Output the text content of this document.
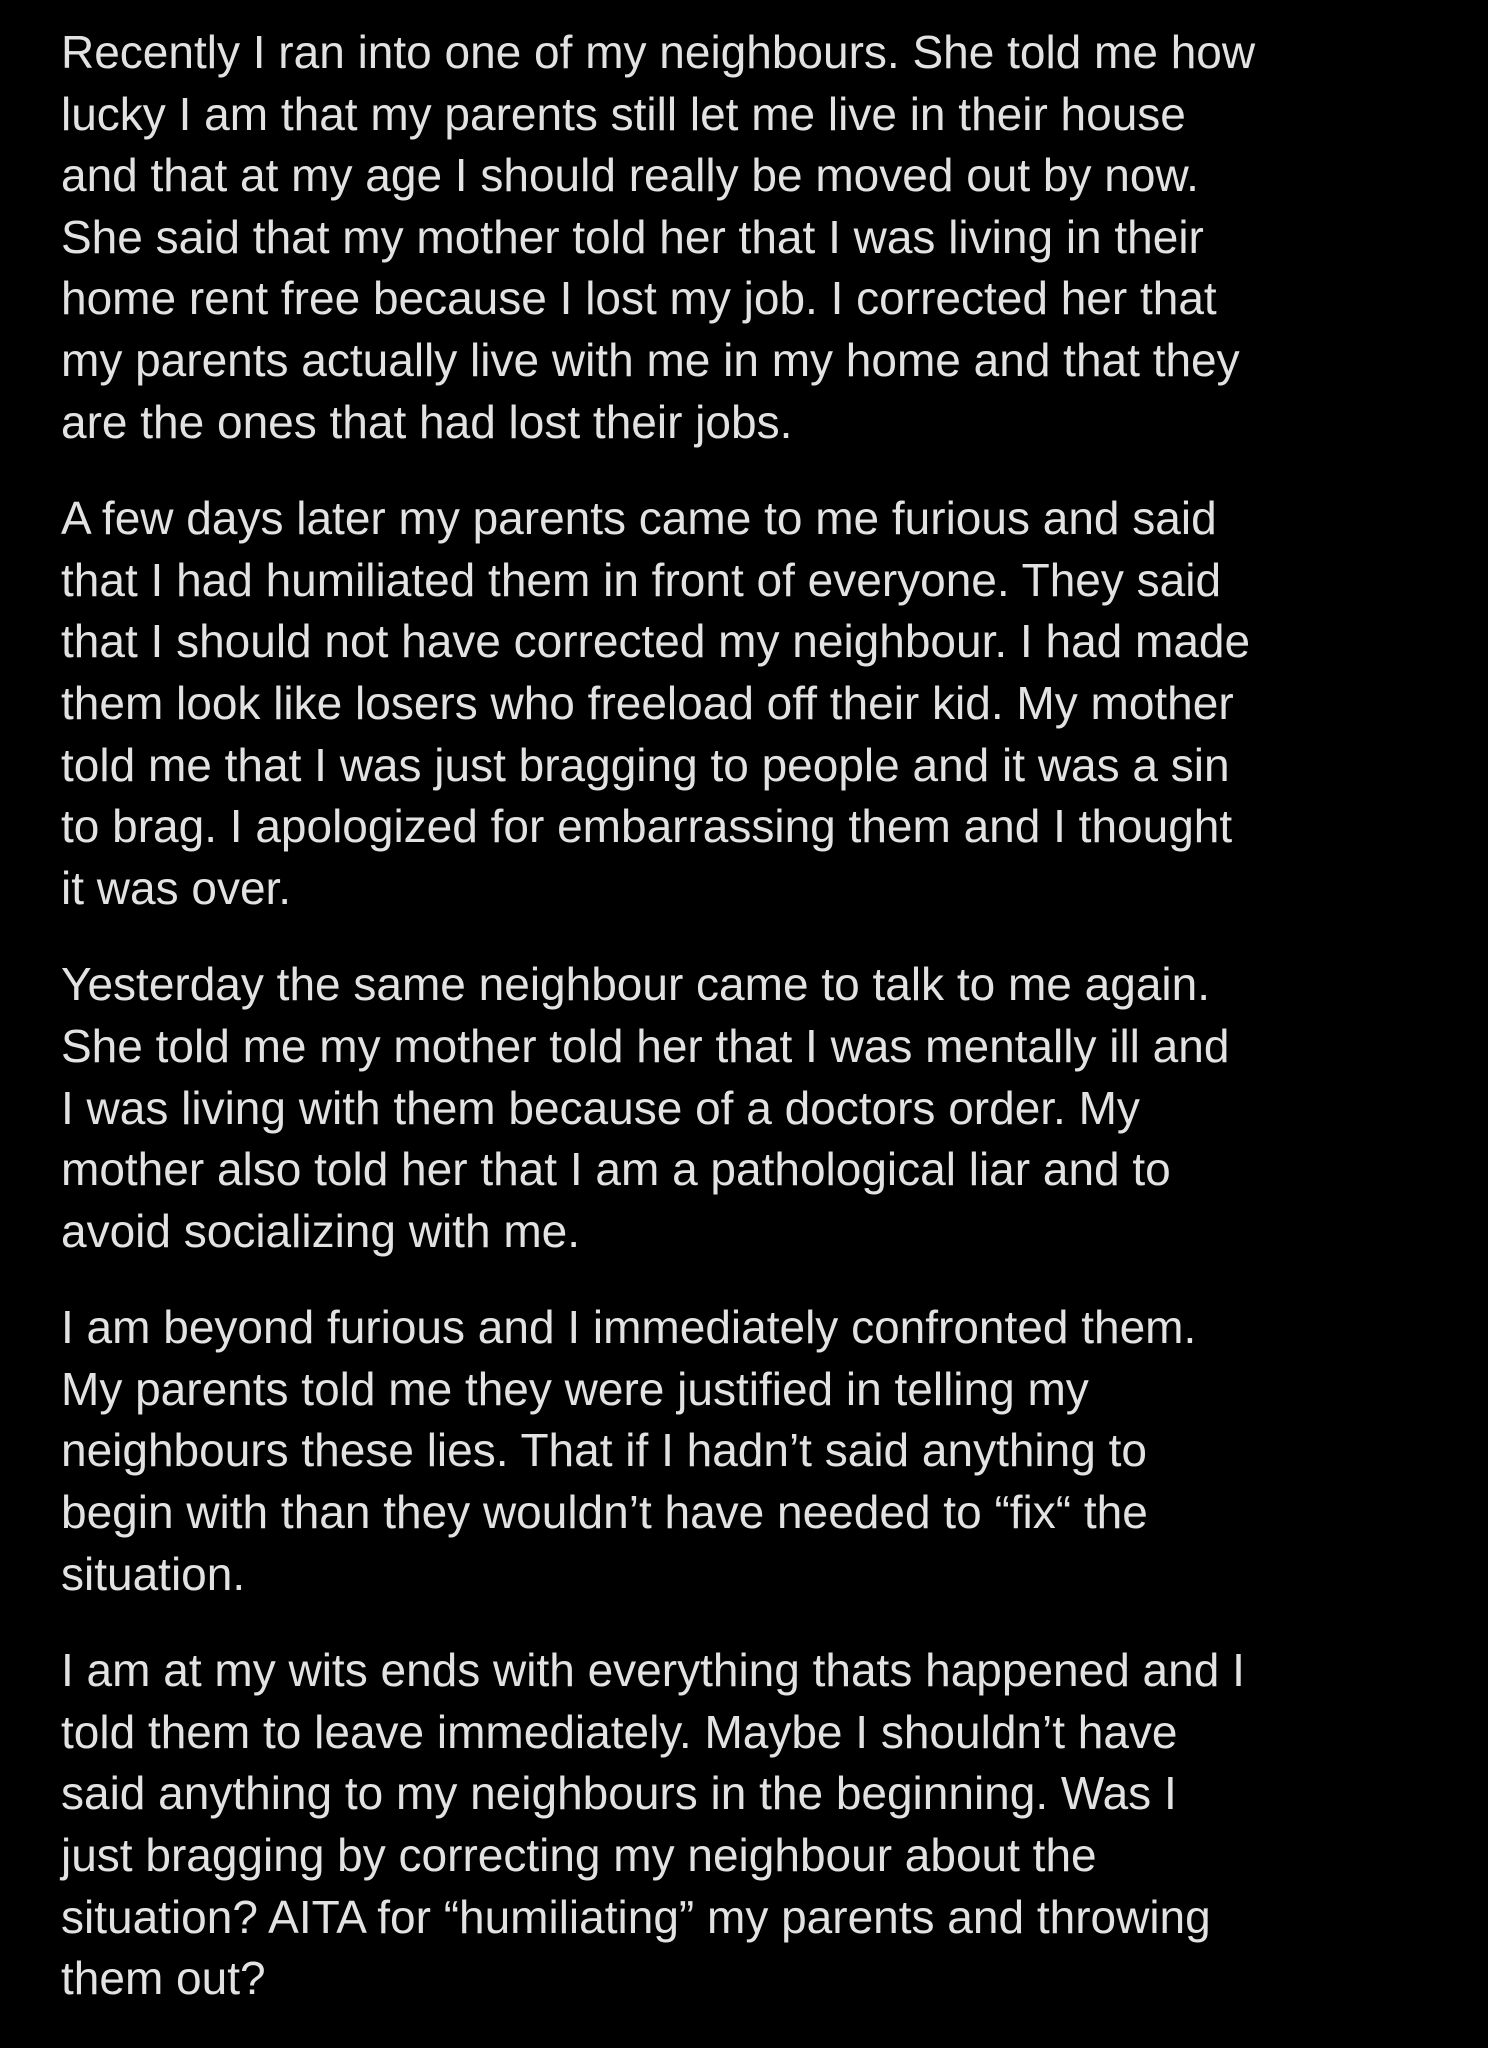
Recently I ran into one of my neighbours. She told me how
lucky I am that my parents still let me live in their house
and that at my age I should really be moved out by now.
She said that my mother told her that I was living in their
home rent free because I lost my job. I corrected her that
my parents actually live with me in my home and that they
are the ones that had lost their jobs.

A few days later my parents came to me furious and said
that I had humiliated them in front of everyone. They said
that I should not have corrected my neighbour. I had made
them look like losers who freeload off their kid. My mother
told me that I was just bragging to people and it was a sin
to brag. I apologized for embarrassing them and I thought
it was over.

Yesterday the same neighbour came to talk to me again.
She told me my mother told her that I was mentally ill and
I was living with them because of a doctors order. My
mother also told her that I am a pathological liar and to
avoid socializing with me.

I am beyond furious and I immediately confronted them.
My parents told me they were justified in telling my
neighbours these lies. That if I hadn’t said anything to
begin with than they wouldn’t have needed to “fix“ the
situation.

I am at my wits ends with everything thats happened and I
told them to leave immediately. Maybe I shouldn’t have
said anything to my neighbours in the beginning. Was I
just bragging by correcting my neighbour about the
situation? AITA for “humiliating” my parents and throwing
them out?
